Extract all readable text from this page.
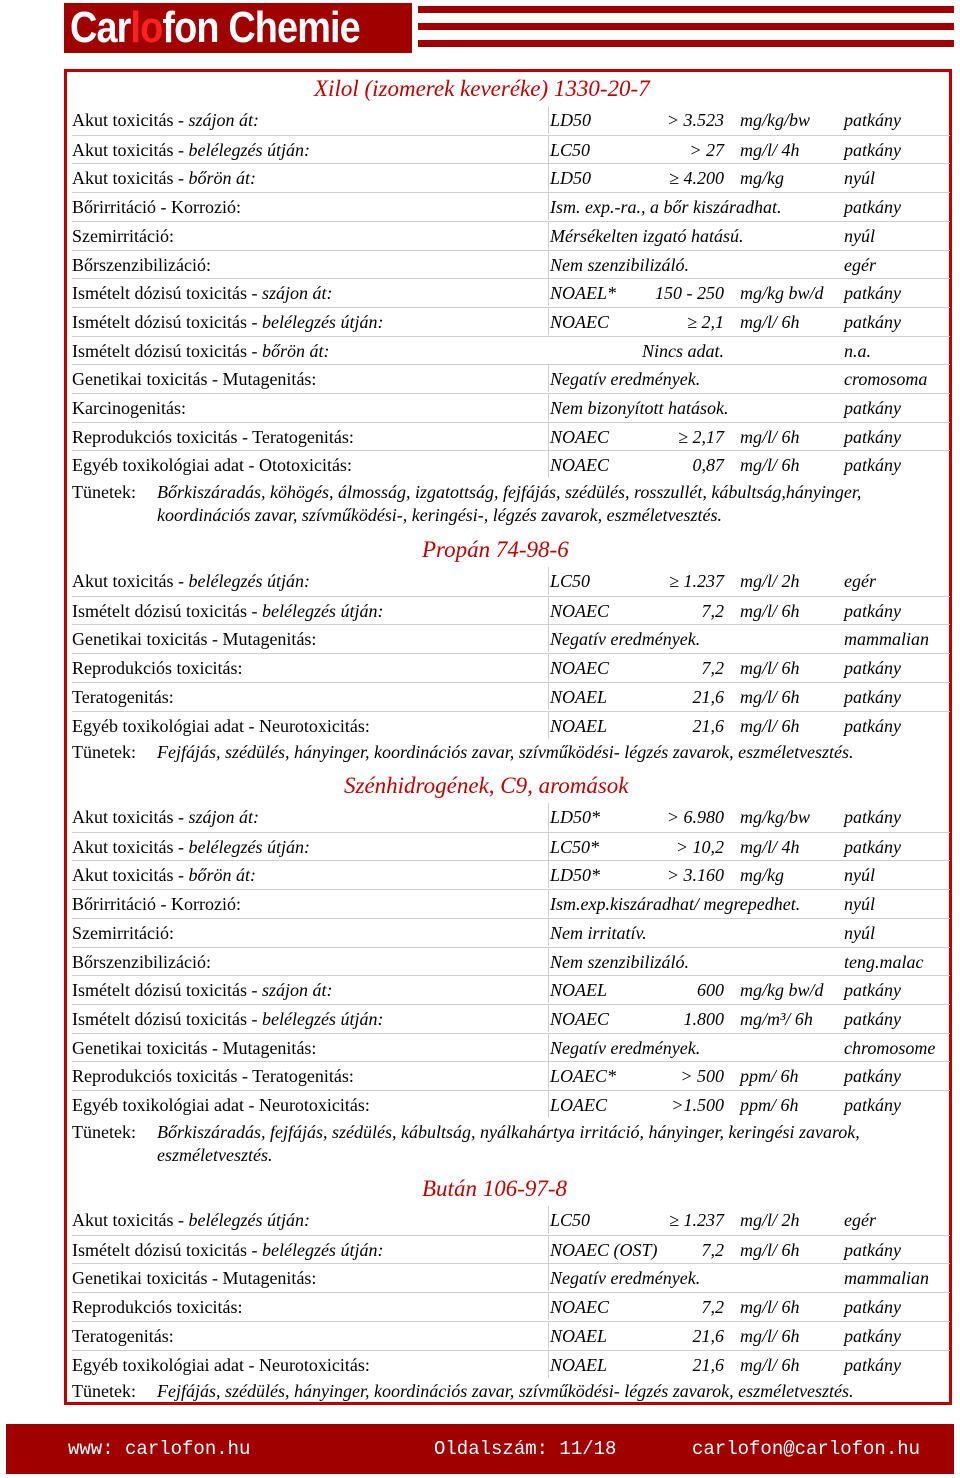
Carlofon Chemie
Xilol (izomerek keveréke) 1330-20-7
Akut toxicitás - szájon át:	LD50	> 3.523 mg/kg/bw patkány
Akut toxicitás - belélegzés útján:	LC50	> 27 mg/l/ 4h patkány
Akut toxicitás - bőrön át:	LD50	≥ 4.200 mg/kg	nyúl
Bőrirritáció - Korrozió:	Ism. exp.-ra., a bőr kiszáradhat.	patkány
Szemirritáció:	Mérsékelten izgató hatású.	nyúl
Bőrszenzibilizáció:	Nem szenzibilizáló.	egér
Ismételt dózisú toxicitás - szájon át:	NOAEL*	150 - 250 mg/kg bw/d patkány
Ismételt dózisú toxicitás - belélegzés útján:	NOAEC	≥ 2,1 mg/l/ 6h patkány
Ismételt dózisú toxicitás - bőrön át:	Nincs adat.	n.a.
Genetikai toxicitás - Mutagenitás:	Negatív eredmények.	cromosoma
Karcinogenitás:	Nem bizonyított hatások.	patkány
Reprodukciós toxicitás - Teratogenitás:	NOAEC	≥ 2,17 mg/l/ 6h patkány
Egyéb toxikológiai adat - Ototoxicitás:	NOAEC	0,87 mg/l/ 6h patkány
Tünetek: Bőrkiszáradás, köhögés, álmosság, izgatottság, fejfájás, szédülés, rosszullét, kábultság,hányinger, koordinációs zavar, szívműködési-, keringési-, légzés zavarok, eszméletvesztés.
Propán 74-98-6
Akut toxicitás - belélegzés útján:	LC50	≥ 1.237 mg/l/ 2h egér
Ismételt dózisú toxicitás - belélegzés útján:	NOAEC	7,2 mg/l/ 6h patkány
Genetikai toxicitás - Mutagenitás:	Negatív eredmények.	mammalian
Reprodukciós toxicitás:	NOAEC	7,2 mg/l/ 6h patkány
Teratogenitás:	NOAEL	21,6 mg/l/ 6h patkány
Egyéb toxikológiai adat - Neurotoxicitás:	NOAEL	21,6 mg/l/ 6h patkány
Tünetek: Fejfájás, szédülés, hányinger, koordinációs zavar, szívműködési- légzés zavarok, eszméletvesztés.
Szénhidrogének, C9, aromások
Akut toxicitás - szájon át:	LD50*	> 6.980 mg/kg/bw patkány
Akut toxicitás - belélegzés útján:	LC50*	> 10,2 mg/l/ 4h patkány
Akut toxicitás - bőrön át:	LD50*	> 3.160 mg/kg	nyúl
Bőrirritáció - Korrozió:	Ism.exp.kiszáradhat/ megrepedhet.	nyúl
Szemirritáció:	Nem irritatív.	nyúl
Bőrszenzibilizáció:	Nem szenzibilizáló.	teng.malac
Ismételt dózisú toxicitás - szájon át:	NOAEL	600 mg/kg bw/d patkány
Ismételt dózisú toxicitás - belélegzés útján:	NOAEC	1.800 mg/m³/ 6h patkány
Genetikai toxicitás - Mutagenitás:	Negatív eredmények.	chromosome
Reprodukciós toxicitás - Teratogenitás:	LOAEC*	> 500 ppm/ 6h	patkány
Egyéb toxikológiai adat - Neurotoxicitás:	LOAEC	>1.500 ppm/ 6h	patkány
Tünetek: Bőrkiszáradás, fejfájás, szédülés, kábultság, nyálkahártya irritáció, hányinger, keringési zavarok, eszméletvesztés.
Bután 106-97-8
Akut toxicitás - belélegzés útján:	LC50	≥ 1.237 mg/l/ 2h egér
Ismételt dózisú toxicitás - belélegzés útján:	NOAEC (OST)	7,2 mg/l/ 6h patkány
Genetikai toxicitás - Mutagenitás:	Negatív eredmények.	mammalian
Reprodukciós toxicitás:	NOAEC	7,2 mg/l/ 6h patkány
Teratogenitás:	NOAEL	21,6 mg/l/ 6h patkány
Egyéb toxikológiai adat - Neurotoxicitás:	NOAEL	21,6 mg/l/ 6h patkány
Tünetek: Fejfájás, szédülés, hányinger, koordinációs zavar, szívműködési- légzés zavarok, eszméletvesztés.
www: carlofon.hu	Oldalszám: 11/18	carlofon@carlofon.hu
